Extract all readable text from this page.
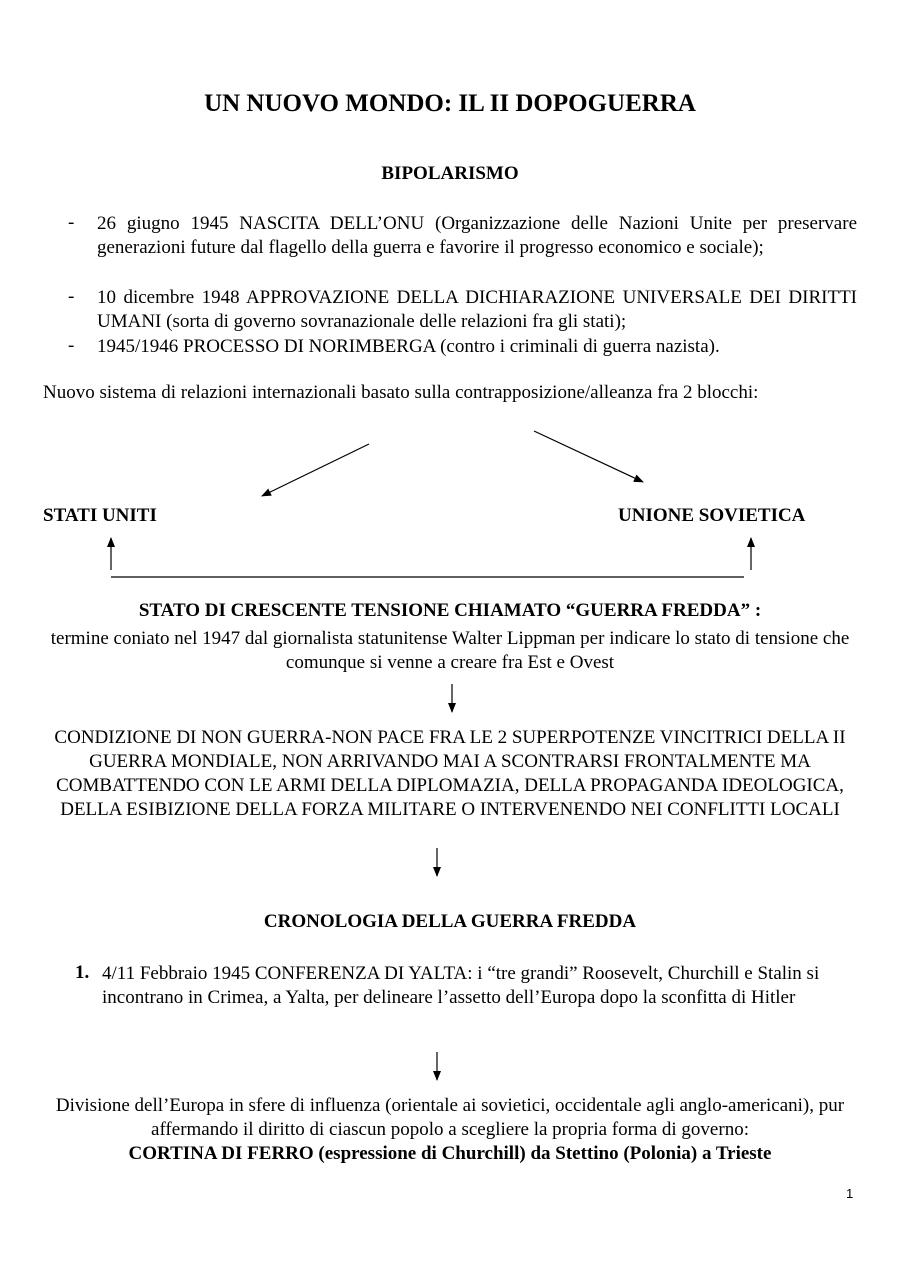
UN NUOVO MONDO: IL II DOPOGUERRA
BIPOLARISMO
- 26 giugno 1945 NASCITA DELL’ONU (Organizzazione delle Nazioni Unite per preservare generazioni future dal flagello della guerra e favorire il progresso economico e sociale);
- 10 dicembre 1948 APPROVAZIONE DELLA DICHIARAZIONE UNIVERSALE DEI DIRITTI UMANI (sorta di governo sovranazionale delle relazioni fra gli stati);
- 1945/1946 PROCESSO DI NORIMBERGA (contro i criminali di guerra nazista).
Nuovo sistema di relazioni internazionali basato sulla contrapposizione/alleanza fra 2 blocchi:
STATI UNITI	UNIONE SOVIETICA
STATO DI CRESCENTE TENSIONE CHIAMATO “GUERRA FREDDA” :
termine coniato nel 1947 dal giornalista statunitense Walter Lippman per indicare lo stato di tensione che comunque si venne a creare fra Est e Ovest
CONDIZIONE DI NON GUERRA-NON PACE FRA LE 2 SUPERPOTENZE VINCITRICI DELLA II GUERRA MONDIALE, NON ARRIVANDO MAI A SCONTRARSI FRONTALMENTE MA COMBATTENDO CON LE ARMI DELLA DIPLOMAZIA, DELLA PROPAGANDA IDEOLOGICA, DELLA ESIBIZIONE DELLA FORZA MILITARE O INTERVENENDO NEI CONFLITTI LOCALI
CRONOLOGIA DELLA GUERRA FREDDA
1. 4/11 Febbraio 1945 CONFERENZA DI YALTA: i “tre grandi” Roosevelt, Churchill e Stalin si incontrano in Crimea, a Yalta, per delineare l’assetto dell’Europa dopo la sconfitta di Hitler
Divisione dell’Europa in sfere di influenza (orientale ai sovietici, occidentale agli anglo-americani), pur affermando il diritto di ciascun popolo a scegliere la propria forma di governo:
CORTINA DI FERRO (espressione di Churchill) da Stettino (Polonia) a Trieste
1
